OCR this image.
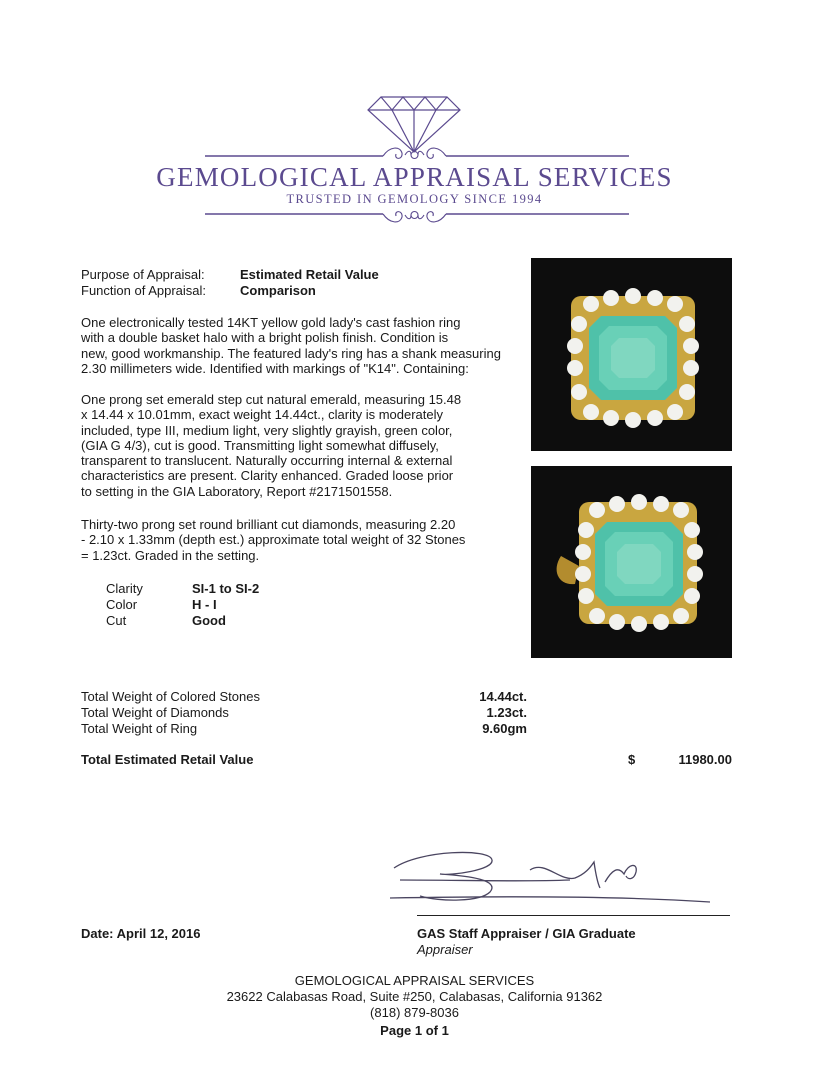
GEMOLOGICAL APPRAISAL SERVICES
TRUSTED IN GEMOLOGY SINCE 1994
Purpose of Appraisal:	Estimated Retail Value
Function of Appraisal:	Comparison
One electronically tested 14KT yellow gold lady's cast fashion ring
with a double basket halo with a bright polish finish. Condition is
new, good workmanship. The featured lady's ring has a shank measuring
2.30 millimeters wide. Identified with markings of "K14". Containing:
One prong set emerald step cut natural emerald, measuring 15.48
x 14.44 x 10.01mm, exact weight 14.44ct., clarity is moderately
included, type III, medium light, very slightly grayish, green color,
(GIA G 4/3), cut is good. Transmitting light somewhat diffusely,
transparent to translucent. Naturally occurring internal & external
characteristics are present. Clarity enhanced. Graded loose prior
to setting in the GIA Laboratory, Report #2171501558.
Thirty-two prong set round brilliant cut diamonds, measuring 2.20
- 2.10 x 1.33mm (depth est.) approximate total weight of 32 Stones
= 1.23ct. Graded in the setting.
Clarity	SI-1 to SI-2
Color	H - I
Cut	Good
Total Weight of Colored Stones	14.44ct.
Total Weight of Diamonds	1.23ct.
Total Weight of Ring	9.60gm
Total Estimated Retail Value	$	11980.00
Date: April 12, 2016	GAS Staff Appraiser / GIA Graduate
Appraiser
GEMOLOGICAL APPRAISAL SERVICES
23622 Calabasas Road, Suite #250, Calabasas, California 91362
(818) 879-8036
Page 1 of 1
